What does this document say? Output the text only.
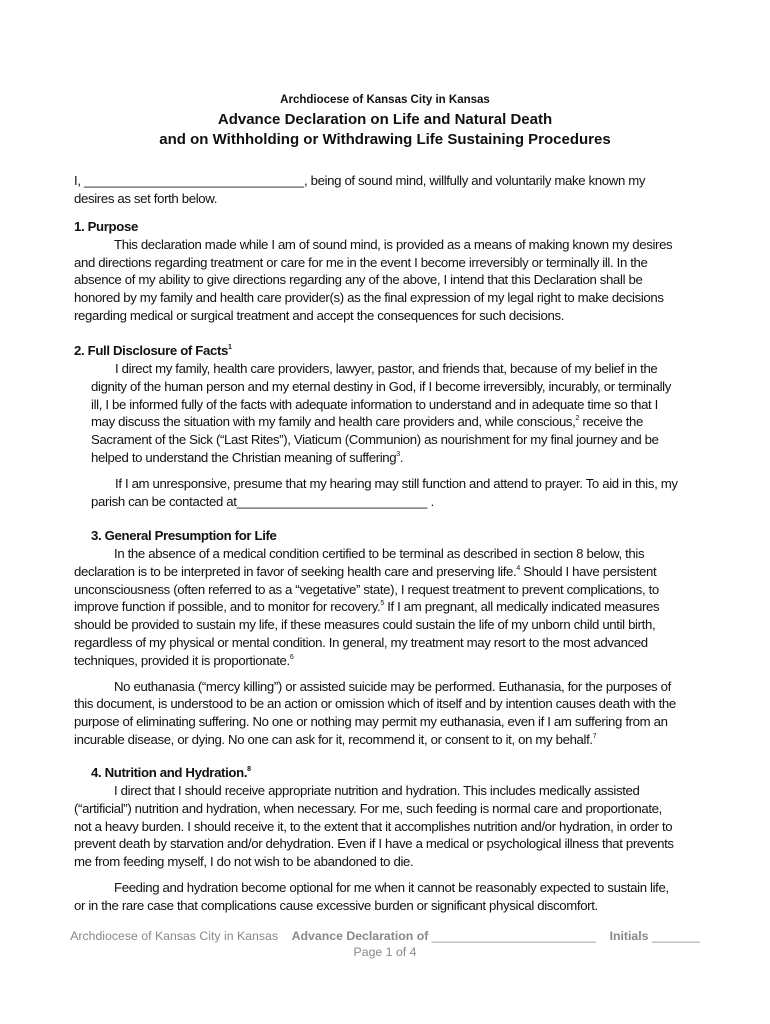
Archdiocese of Kansas City in Kansas
Advance Declaration on Life and Natural Death
and on Withholding or Withdrawing Life Sustaining Procedures

I, ______________________________, being of sound mind, willfully and voluntarily make known my desires as set forth below.

1. Purpose

This declaration made while I am of sound mind, is provided as a means of making known my desires and directions regarding treatment or care for me in the event I become irreversibly or terminally ill. In the absence of my ability to give directions regarding any of the above, I intend that this Declaration shall be honored by my family and health care provider(s) as the final expression of my legal right to make decisions regarding medical or surgical treatment and accept the consequences for such decisions.

2. Full Disclosure of Facts$^1$

I direct my family, health care providers, lawyer, pastor, and friends that, because of my belief in the dignity of the human person and my eternal destiny in God, if I become irreversibly, incurably, or terminally ill, I be informed fully of the facts with adequate information to understand and in adequate time so that I may discuss the situation with my family and health care providers and, while conscious,$^2$ receive the Sacrament of the Sick (“Last Rites”), Viaticum (Communion) as nourishment for my final journey and be helped to understand the Christian meaning of suffering$^3$.

If I am unresponsive, presume that my hearing may still function and attend to prayer. To aid in this, my parish can be contacted at__________________________ .

3. General Presumption for Life

In the absence of a medical condition certified to be terminal as described in section 8 below, this declaration is to be interpreted in favor of seeking health care and preserving life.$^4$ Should I have persistent unconsciousness (often referred to as a “vegetative” state), I request treatment to prevent complications, to improve function if possible, and to monitor for recovery.$^5$ If I am pregnant, all medically indicated measures should be provided to sustain my life, if these measures could sustain the life of my unborn child until birth, regardless of my physical or mental condition. In general, my treatment may resort to the most advanced techniques, provided it is proportionate.$^6$

No euthanasia (“mercy killing”) or assisted suicide may be performed. Euthanasia, for the purposes of this document, is understood to be an action or omission which of itself and by intention causes death with the purpose of eliminating suffering. No one or nothing may permit my euthanasia, even if I am suffering from an incurable disease, or dying. No one can ask for it, recommend it, or consent to it, on my behalf.$^7$

4. Nutrition and Hydration.$^8$

I direct that I should receive appropriate nutrition and hydration. This includes medically assisted (“artificial”) nutrition and hydration, when necessary. For me, such feeding is normal care and proportionate, not a heavy burden. I should receive it, to the extent that it accomplishes nutrition and/or hydration, in order to prevent death by starvation and/or dehydration. Even if I have a medical or psychological illness that prevents me from feeding myself, I do not wish to be abandoned to die.

Feeding and hydration become optional for me when it cannot be reasonably expected to sustain life, or in the rare case that complications cause excessive burden or significant physical discomfort.

Archdiocese of Kansas City in Kansas Advance Declaration of ________________________ Initials _______
Page 1 of 4
